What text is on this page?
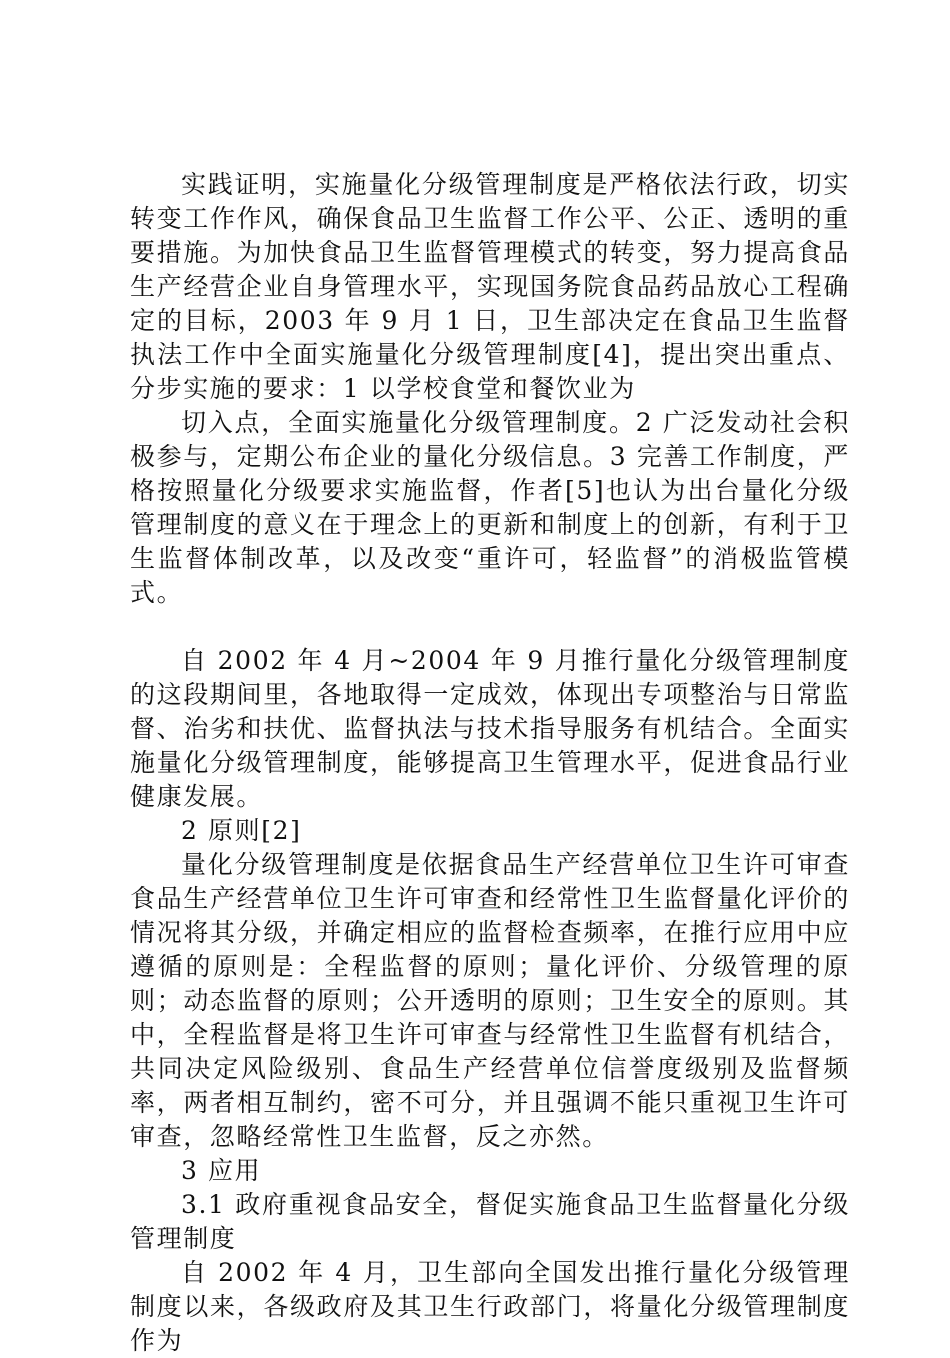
实践证明，实施量化分级管理制度是严格依法行政，切实转变工作作风，确保食品卫生监督工作公平、公正、透明的重要措施。为加快食品卫生监督管理模式的转变，努力提高食品生产经营企业自身管理水平，实现国务院食品药品放心工程确定的目标，2003 年 9 月 1 日，卫生部决定在食品卫生监督执法工作中全面实施量化分级管理制度[4]，提出突出重点、分步实施的要求：1 以学校食堂和餐饮业为

切入点，全面实施量化分级管理制度。2 广泛发动社会积极参与，定期公布企业的量化分级信息。3 完善工作制度，严格按照量化分级要求实施监督，作者[5]也认为出台量化分级管理制度的意义在于理念上的更新和制度上的创新，有利于卫生监督体制改革，以及改变“重许可，轻监督”的消极监管模式。

自 2002 年 4 月~2004 年 9 月推行量化分级管理制度的这段期间里，各地取得一定成效，体现出专项整治与日常监督、治劣和扶优、监督执法与技术指导服务有机结合。全面实施量化分级管理制度，能够提高卫生管理水平，促进食品行业健康发展。

2 原则[2]

量化分级管理制度是依据食品生产经营单位卫生许可审查食品生产经营单位卫生许可审查和经常性卫生监督量化评价的情况将其分级，并确定相应的监督检查频率，在推行应用中应遵循的原则是：全程监督的原则；量化评价、分级管理的原则；动态监督的原则；公开透明的原则；卫生安全的原则。其中，全程监督是将卫生许可审查与经常性卫生监督有机结合，共同决定风险级别、食品生产经营单位信誉度级别及监督频率，两者相互制约，密不可分，并且强调不能只重视卫生许可审查，忽略经常性卫生监督，反之亦然。

3 应用

3.1 政府重视食品安全，督促实施食品卫生监督量化分级管理制度

自 2002 年 4 月，卫生部向全国发出推行量化分级管理制度以来，各级政府及其卫生行政部门，将量化分级管理制度作为
